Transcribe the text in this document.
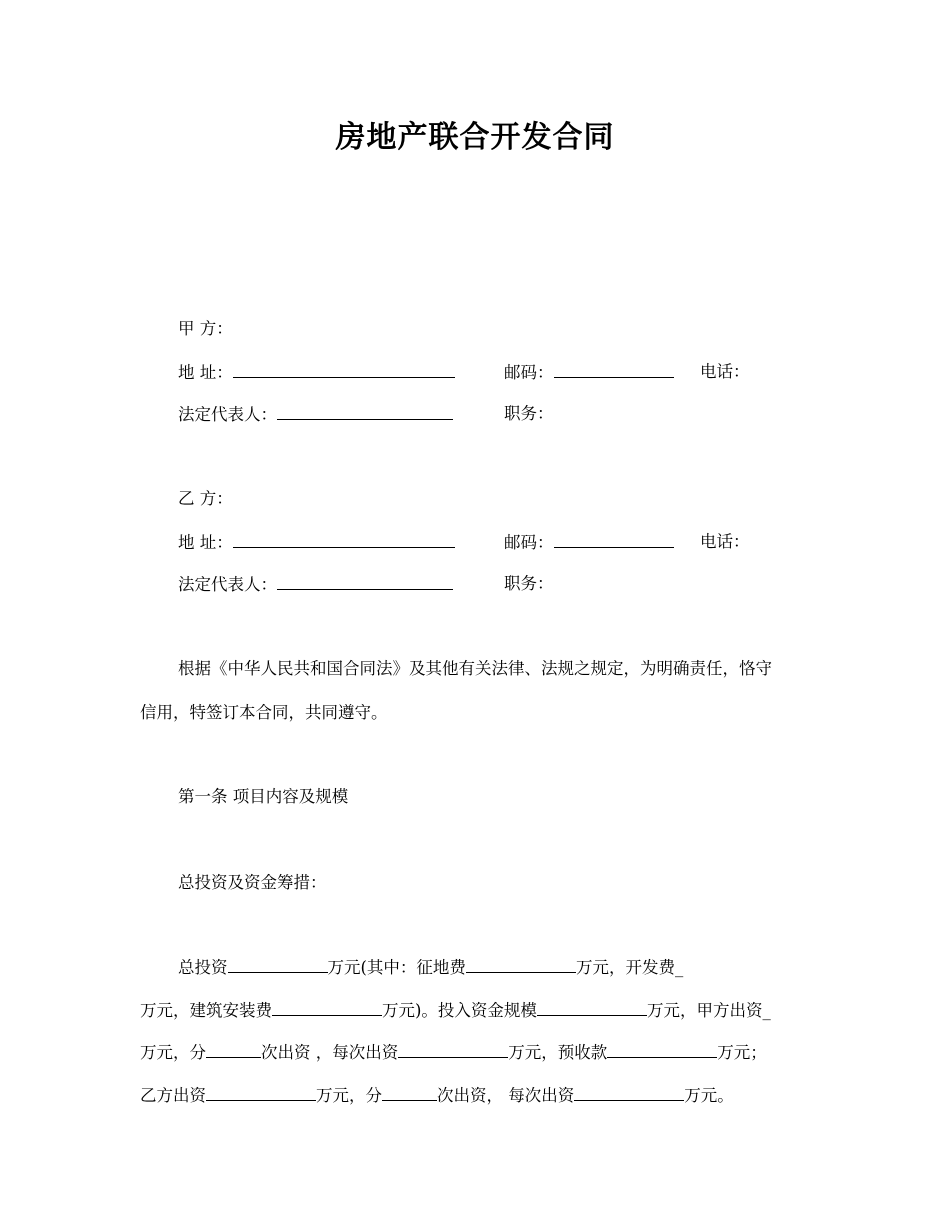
房地产联合开发合同
甲 方：
地 址：	邮码：	电话：
法定代表人：	职务：
乙 方：
地 址：	邮码：	电话：
法定代表人：	职务：
根据《中华人民共和国合同法》及其他有关法律、法规之规定，为明确责任，恪守
信用，特签订本合同，共同遵守。
第一条 项目内容及规模
总投资及资金筹措：
总投资	万元(其中：征地费	万元，开发费_
万元，建筑安装费	万元)。投入资金规模	万元，甲方出资_
万元，分	次出资 ，每次出资	万元，预收款	万元；
乙方出资	万元，分	次出资， 每次出资	万元。
